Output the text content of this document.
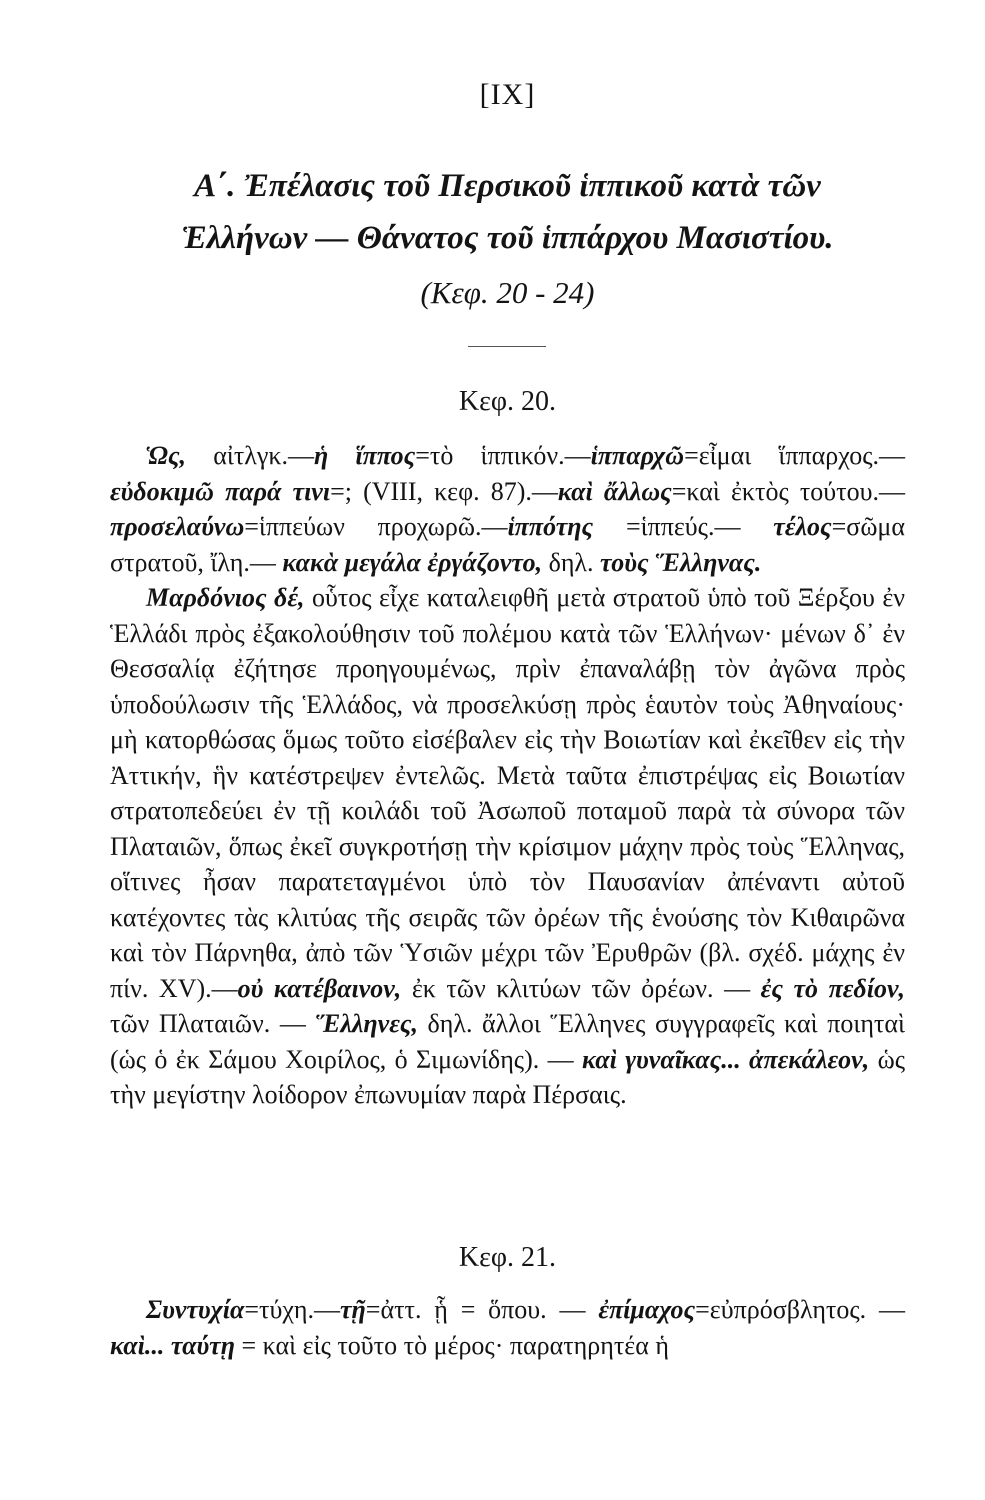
[IX]
Α΄. Ἐπέλασις τοῦ Περσικοῦ ἱππικοῦ κατὰ τῶν
Ἑλλήνων — Θάνατος τοῦ ἱππάρχου Μασιστίου.
(Κεφ. 20 - 24)
Κεφ. 20.

Ὡς, αἰτλγκ.—ἡ ἵππος=τὸ ἱππικόν.—ἱππαρχῶ=εἶμαι ἵππαρχος.—εὐδοκιμῶ παρά τινι=; (VIII, κεφ. 87).—καὶ ἄλλως=καὶ ἐκτὸς τούτου.—προσελαύνω=ἱππεύων προχωρῶ.—ἱππότης =ἱππεύς.— τέλος=σῶμα στρατοῦ, ἴλη.— κακὰ μεγάλα ἐργάζοντο, δηλ. τοὺς Ἕλληνας.

Μαρδόνιος δέ, οὗτος εἶχε καταλειφθῆ μετὰ στρατοῦ ὑπὸ τοῦ Ξέρξου ἐν Ἑλλάδι πρὸς ἐξακολούθησιν τοῦ πολέμου κατὰ τῶν Ἑλλήνων· μένων δ᾽ ἐν Θεσσαλίᾳ ἐζήτησε προηγουμένως, πρὶν ἐπαναλάβῃ τὸν ἀγῶνα πρὸς ὑποδούλωσιν τῆς Ἑλλάδος, νὰ προσελκύσῃ πρὸς ἑαυτὸν τοὺς Ἀθηναίους· μὴ κατορθώσας ὅμως τοῦτο εἰσέβαλεν εἰς τὴν Βοιωτίαν καὶ ἐκεῖθεν εἰς τὴν Ἀττικήν, ἣν κατέστρεψεν ἐντελῶς. Μετὰ ταῦτα ἐπιστρέψας εἰς Βοιωτίαν στρατοπεδεύει ἐν τῇ κοιλάδι τοῦ Ἀσωποῦ ποταμοῦ παρὰ τὰ σύνορα τῶν Πλαταιῶν, ὅπως ἐκεῖ συγκροτήσῃ τὴν κρίσιμον μάχην πρὸς τοὺς Ἕλληνας, οἵτινες ἦσαν παρατεταγμένοι ὑπὸ τὸν Παυσανίαν ἀπέναντι αὐτοῦ κατέχοντες τὰς κλιτύας τῆς σειρᾶς τῶν ὀρέων τῆς ἑνούσης τὸν Κιθαιρῶνα καὶ τὸν Πάρνηθα, ἀπὸ τῶν Ὑσιῶν μέχρι τῶν Ἐρυθρῶν (βλ. σχέδ. μάχης ἐν πίν. XV).—οὐ κατέβαινον, ἐκ τῶν κλιτύων τῶν ὀρέων. — ἐς τὸ πεδίον, τῶν Πλαταιῶν. — Ἕλληνες, δηλ. ἄλλοι Ἕλληνες συγγραφεῖς καὶ ποιηταὶ (ὡς ὁ ἐκ Σάμου Χοιρίλος, ὁ Σιμωνίδης). — καὶ γυναῖκας... ἀπεκάλεον, ὡς τὴν μεγίστην λοίδορον ἐπωνυμίαν παρὰ Πέρσαις.

Κεφ. 21.

Συντυχία=τύχη.—τῇ=ἀττ. ᾗ = ὅπου. — ἐπίμαχος=εὐπρόσβλητος. —καὶ... ταύτῃ = καὶ εἰς τοῦτο τὸ μέρος· παρατηρητέα ἡ
